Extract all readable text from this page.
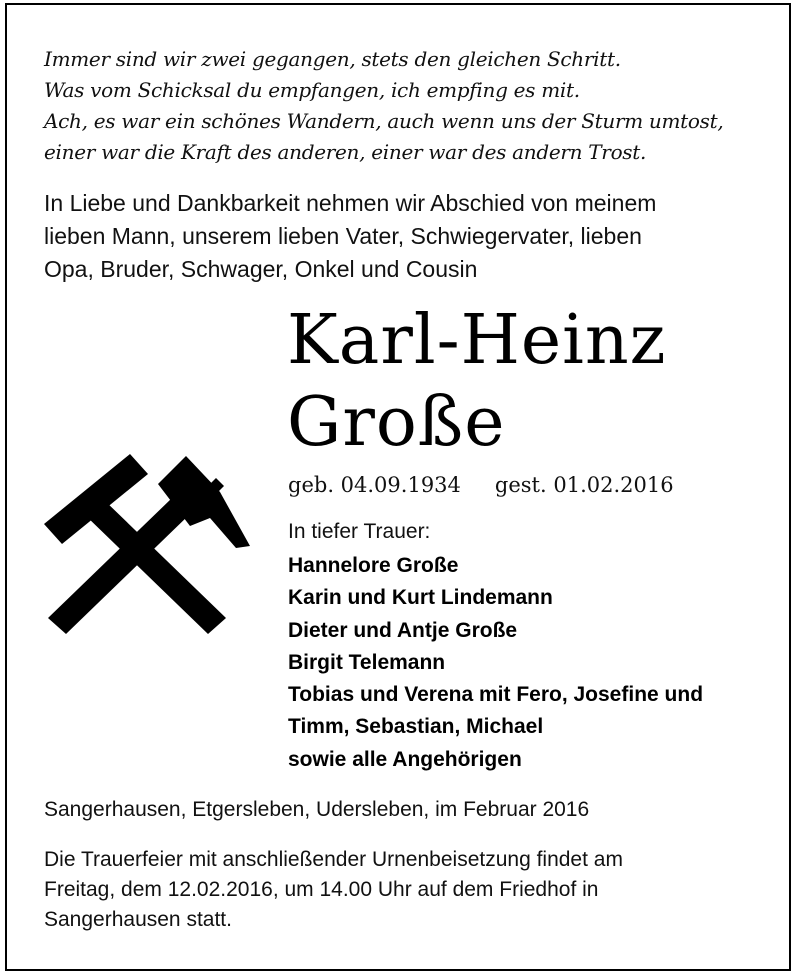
Immer sind wir zwei gegangen, stets den gleichen Schritt.
Was vom Schicksal du empfangen, ich empfing es mit.
Ach, es war ein schönes Wandern, auch wenn uns der Sturm umtost,
einer war die Kraft des anderen, einer war des andern Trost.
In Liebe und Dankbarkeit nehmen wir Abschied von meinem
lieben Mann, unserem lieben Vater, Schwiegervater, lieben
Opa, Bruder, Schwager, Onkel und Cousin
Karl-Heinz
Große
geb. 04.09.1934 gest. 01.02.2016
In tiefer Trauer:
Hannelore Große
Karin und Kurt Lindemann
Dieter und Antje Große
Birgit Telemann
Tobias und Verena mit Fero, Josefine und
Timm, Sebastian, Michael
sowie alle Angehörigen
Sangerhausen, Etgersleben, Udersleben, im Februar 2016
Die Trauerfeier mit anschließender Urnenbeisetzung findet am
Freitag, dem 12.02.2016, um 14.00 Uhr auf dem Friedhof in
Sangerhausen statt.
